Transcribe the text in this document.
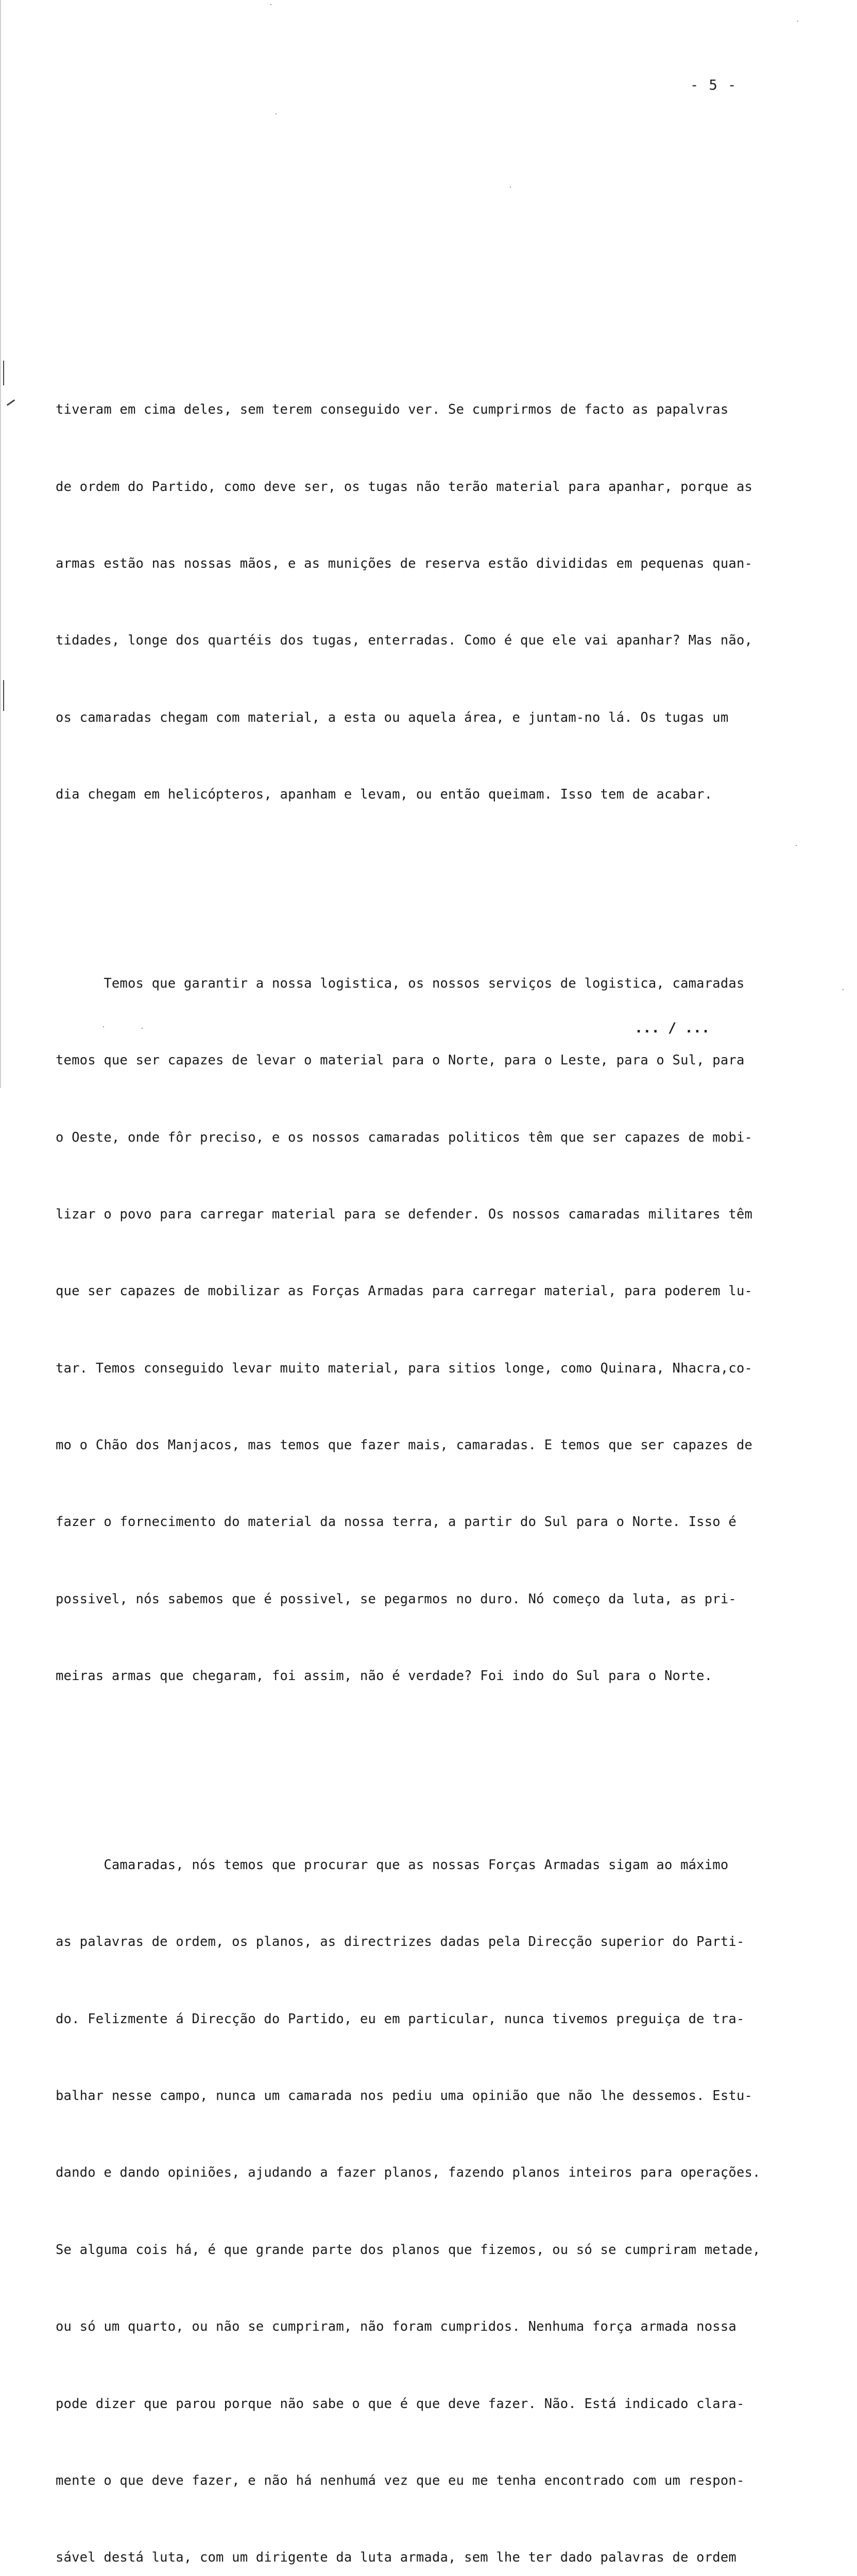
- 5 -

tiveram em cima deles, sem terem conseguido ver. Se cumprirmos de facto as papalvras

de ordem do Partido, como deve ser, os tugas não terão material para apanhar, porque as

armas estão nas nossas mãos, e as munições de reserva estão divididas em pequenas quan-

tidades, longe dos quartéis dos tugas, enterradas. Como é que ele vai apanhar? Mas não,

os camaradas chegam com material, a esta ou aquela área, e juntam-no lá. Os tugas um

dia chegam em helicópteros, apanham e levam, ou então queimam. Isso tem de acabar.

Temos que garantir a nossa logistica, os nossos serviços de logistica, camaradas

temos que ser capazes de levar o material para o Norte, para o Leste, para o Sul, para

o Oeste, onde fôr preciso, e os nossos camaradas politicos têm que ser capazes de mobi-

lizar o povo para carregar material para se defender. Os nossos camaradas militares têm

que ser capazes de mobilizar as Forças Armadas para carregar material, para poderem lu-

tar. Temos conseguido levar muito material, para sitios longe, como Quinara, Nhacra,co-

mo o Chão dos Manjacos, mas temos que fazer mais, camaradas. E temos que ser capazes de

fazer o fornecimento do material da nossa terra, a partir do Sul para o Norte. Isso é

possivel, nós sabemos que é possivel, se pegarmos no duro. Nó começo da luta, as pri-

meiras armas que chegaram, foi assim, não é verdade? Foi indo do Sul para o Norte.

Camaradas, nós temos que procurar que as nossas Forças Armadas sigam ao máximo

as palavras de ordem, os planos, as directrizes dadas pela Direcção superior do Parti-

do. Felizmente á Direcção do Partido, eu em particular, nunca tivemos preguiça de tra-

balhar nesse campo, nunca um camarada nos pediu uma opinião que não lhe dessemos. Estu-

dando e dando opiniões, ajudando a fazer planos, fazendo planos inteiros para operações.

Se alguma cois há, é que grande parte dos planos que fizemos, ou só se cumpriram metade,

ou só um quarto, ou não se cumpriram, não foram cumpridos. Nenhuma força armada nossa

pode dizer que parou porque não sabe o que é que deve fazer. Não. Está indicado clara-

mente o que deve fazer, e não há nenhumá vez que eu me tenha encontrado com um respon-

sável destá luta, com um dirigente da luta armada, sem lhe ter dado palavras de ordem

... / ...
